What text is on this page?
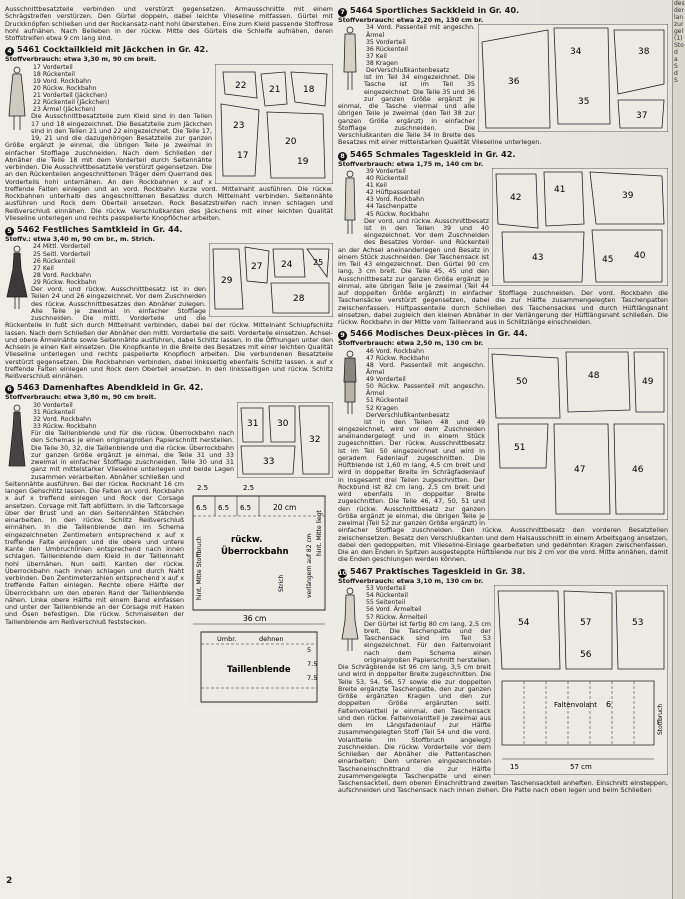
Ausschnittbesatzteile verbinden und verstürzt gegensetzen. Armausschnitte mit einem Schrägstreifen verstürzen. Den Gürtel doppeln, dabei leichte Vlieseline mitfassen. Gürtel mit Druckknöpfen schließen und der Rockansatz-naht hohl überstehen. Eine zum Kleid passende Stoffrose hohl aufnähen. Nach Belieben in der rückw. Mitte des Gürtels die Schleife aufnähen, deren Stoffstreifen etwa 9 cm lang sind.

4 5461 Cocktailkleid mit Jäckchen in Gr. 42.
Stoffverbrauch: etwa 3,30 m, 90 cm breit.
22	21	18
23
17
20
19
17 Vorderteil
18 Rückenteil
19 Vord. Rockbahn
20 Rückw. Rockbahn
21 Vorderteil (Jäckchen)
22 Rückenteil (Jäckchen)
23 Ärmel (Jäckchen)

Die Ausschnittbesatzteile zum Kleid sind in den Teilen 17 und 18 eingezeichnet. Die Besatzteile zum Jäckchen sind in den Teilen 21 und 22 eingezeichnet. Die Teile 17, 19, 21 und die dazugehörigen Besatzteile zur ganzen Größe ergänzt je einmal, die übrigen Teile je zweimal in einfacher Stofflage zuschneiden. Nach dem Schließen der Abnäher die Teile 18 mit dem Vorderteil durch Seitennähte verbinden. Die Ausschnittbesatzteile verstürzt gegensetzen. Die an den Rückenteilen angeschnittenen Träger dem Querrand des Vorderteils hohl unternähen. An den Rockbahnen x auf x treffende Falten einlegen und an vord. Rockbahn kurze vord. Mittelnaht ausführen. Die rückw. Rockbahnen unterhalb des angeschnittenen Besatzes durch Mittelnaht verbinden. Seitennähte ausführen und Rock dem Oberteil ansetzen. Rock Besatzstreifen nach innen schlagen und Reißverschluß einnähen. Die rückw. Verschlußkanten des Jäckchens mit einer leichten Qualität Vlieseline unterlegen und rechts passpelierte Knopflöcher arbeiten.

5 5462 Festliches Samtkleid in Gr. 44.
Stoffv.: etwa 3,40 m, 90 cm br., m. Strich.
29
27 24
28
25
24 Mittl. Vorderteil
25 Seitl. Vorderteil
26 Rückenteil
27 Keil
28 Vord. Rockbahn
29 Rückw. Rockbahn

Der vord. und rückw. Ausschnittbesatz ist in den Teilen 24 und 26 eingezeichnet. Vor dem Zuschneiden des rückw. Ausschnittbesatzes den Abnäher zulegen. Alle Teile je zweimal in einfacher Stofflage zuschneiden. Die mittl. Vorderteile und die Rückenteile in fußt sich durch Mittelnaht verbinden, dabei bei der rückw. Mittelnaht Schlupfschlitz lassen. Nach dem Schließen der Abnäher den mittl. Vorderteile die seitl. Vorderteile einsetzen. Achsel- und obere Ärmelnähte sowie Seitennähte ausführen, dabei Schlitz lassen. In die Öffnungen unter den Achseln je einen Keil einsetzen. Die Knopfkante in die Breite des Besatzes mit einer leichten Qualität Vlieseline unterlegen und rechts paspelierte Knopfloch arbeiten. Die verbundenen Besatzteile verstürzt gegensetzen. Die Rockbahnen verbinden, dabei linksseitig ebenfalls Schlitz lassen. x auf x treffende Falten einlegen und Rock dem Oberteil ansetzen. In den linksseitigen und rückw. Schlitz Reißverschluß einnähen.

6 5463 Damenhaftes Abendkleid in Gr. 42.
Stoffverbrauch: etwa 3,80 m, 90 cm breit.
31 30
32
33
30 Vorderteil
31 Rückenteil
32 Vord. Rockbahn
33 Rückw. Rockbahn
2.5	2.5
6.5 6.5 6.5	20 cm
rückw.
Überrockbahn
Strich	verlängern auf 82 cm
hint. Mitte Stoffbruch
hint. Mitte liegt
36 cm
Umbr.	dehnen
Taillenblende
5
7.5
7.5

Für die Taillenblende und für die rückw. Überrockbahn nach den Schemas je einen originalgroßen Papierschnitt herstellen. Die Teile 30, 32, die Taillenblende und die rückw. Überrockbahn zur ganzen Größe ergänzt je einmal, die Teile 31 und 33 zweimal in einfacher Stofflage zuschneiden. Teile 30 und 31 ganz mit mittelstarker Vlieseline unterlegen und beide Lagen zusammen verarbeiten. Abnäher schließen und Seitennähte ausführen. Bei der rückw. Rocknaht 16 cm langen Gehschlitz lassen. Die Falten an vord. Rockbahn x auf x treffend einlegen und Rock der Corsage ansetzen. Corsage mit Taft abfüttern. In die Taftcorsage über der Brust und an den Seitennähten Stäbchen einarbeiten. In den rückw. Schlitz Reißverschluß einnähen. In die Taillenblende den im Schema eingezeichneten Zentimetern entsprechend x auf x treffende Falte einlegen und die obere und untere Kante den Umbruchlinien entsprechend nach innen schlagen. Taillenblende dem Kleid in der Taillennaht hohl übernähen. Nun seitl. Kanten der rückw. Überrockbahn nach innen schlagen und durch Naht verbinden. Den Zentimeterzahlen entsprechend x auf x treffende Falten einlegen. Rechte obere Hälfte der Überrockbahn um den oberen Rand der Taillenblende nähen. Linke obere Hälfte mit einem Band einfassen und unter der Taillenblende an der Corsage mit Haken und Ösen befestigen. Die rückw. Schmalseiten der Taillenblende am Reißverschluß feststecken.

7 5464 Sportliches Sackkleid in Gr. 40.
Stoffverbrauch: etwa 2,20 m, 130 cm br.
36
34
35
38
37
34 Vord. Passenteil mit angeschn. Ärmel
35 Vorderteil
36 Rückenteil
37 Keil
38 Kragen
DerVerschlußkantenbesatz

ist im Teil 34 eingezeichnet. Die Tasche ist im Teil 35 eingezeichnet. Die Teile 35 und 36 zur ganzen Größe ergänzt je einmal, die Tasche viermal und alle übrigen Teile je zweimal (den Teil 38 zur ganzen Größe ergänzt) in einfacher Stofflage zuschneiden. Die Verschlußkanten die Teile 34 in Breite des Besatzes mit einer mittelstarken Qualität Vlieseline unterlegen.

8 5465 Schmales Tageskleid in Gr. 42.
Stoffverbrauch: etwa 1,75 m, 140 cm br.
42
41
39
43	45 40
39 Vorderteil
40 Rückenteil
41 Keil
42 Hüftpassenteil
43 Vord. Rockbahn
44 Taschenpatte
45 Rückw. Rockbahn

Der vord. und rückw. Ausschnittbesatz ist in den Teilen 39 und 40 eingezeichnet. Vor dem Zuschneiden des Besatzes Vorder- und Rückenteil an der Achsel aneinanderlegen und Besatz in einem Stück zuschneiden. Der Taschensack ist im Teil 43 eingezeichnet. Den Gürtel 90 cm lang, 3 cm breit. Die Teile 45, 45 und den Ausschnittbesatz zur ganzen Größe ergänzt je einmal, alle übrigen Teile je zweimal (Teil 44 auf doppelten Größe ergänzt) in einfacher Stofflage zuschneiden. Der vord. Rockbahn die Taschensäcke verstürzt gegensetzen, dabei die zur Hälfte zusammengelegten Taschenpatten zwischenfassen. Hüftpassenteile durch Schließen des Taschensackes und durch Hüftlängsnaht einsetzen, dabei zugleich den kleinen Abnäher in der Verlängerung der Hüftlängsnaht schließen. Die rückw. Rockbahn in der Mitte vom Taillenrand aus in Schlitzlänge einschneiden.

9 5466 Modisches Deux-pièces in Gr. 44.
Stoffverbrauch: etwa 2,50 m, 130 cm br.
50
48
49
51
47	46
46 Vord. Rockbahn
47 Rückw. Rockbahn
48 Vord. Passenteil mit angeschn. Ärmel
49 Vorderteil
50 Rückw. Passenteil mit angeschn. Ärmel
51 Rückenteil
52 Kragen
DerVerschlußkantenbesatz

ist in den Teilen 48 und 49 eingezeichnet, wird vor dem Zuschneiden aneinandergelegt und in einem Stück zugeschnitten. Der rückw. Ausschnittbesatz ist im Teil 50 eingezeichnet und wird in geradem Fadenlauf zugeschnitten. Die Hüftblende ist 1,60 m lang, 4,5 cm breit und wird in doppelter Breite im Schrägfadenlauf in insgesamt drei Teilen zugeschnitten. Der Rockbund ist 82 cm lang, 2,5 cm breit und wird ebenfalls in doppelter Breite zugeschnitten. Die Teile 46, 47, 50, 51 und den rückw. Ausschnittbesatz zur ganzen Größe ergänzt je einmal, die übrigen Teile je zweimal (Teil 52 zur ganzen Größe ergänzt) in einfacher Stofflage zuschneiden. Den rückw. Ausschnittbesatz den vorderen Besatzteilen zwischensetzen. Besatz den Verschlußkanten und dem Halsausschnitt in einem Arbeitsgang ansetzen, dabei den gedoppelten, mit Vlieseline-Einlage gearbeiteten und gedehnten Kragen zwischenfassen. Die an den Enden in Spitzen ausgesteppte Hüftblende nur bis 2 cm vor die vord. Mitte annähen, damit die Enden geschlungen werden können.

10 5467 Praktisches Tageskleid in Gr. 38.
Stoffverbrauch: etwa 3,10 m, 130 cm br.
54	57	53
56
6
Faltenvolant	Stoffbruch
15	57 cm
53 Vorderteil
54 Rückenteil
55 Seitenteil
56 Vord. Ärmelteil
57 Rückw. Ärmelteil

Der Gürtel ist fertig 80 cm lang, 2,5 cm breit. Die Taschenpatte und der Taschensack sind im Teil 53 eingezeichnet. Für den Faltenvolant nach dem Schema einen originalgroßen Papierschnitt herstellen. Die Schrägblende ist 96 cm lang, 3,5 cm breit und wird in doppelter Breite zugeschnitten. Die Teile 53, 54, 56, 57 sowie die zur doppelten Breite ergänzte Taschenpatte, den zur ganzen Größe ergänzten Kragen und den zur doppelten Größe ergänzten seitl. Faltenvolantteil je einmal, den Taschensack und den rückw. Faltenvolantteil je zweimal aus dem im Längsfadenlauf zur Hälfte zusammengelegten Stoff (Teil 54 und die vord. Volantteile im Stoffbruch angelegt) zuschneiden. Die rückw. Vorderteile vor dem Schließen der Abnäher die Pattentaschen einarbeiten: Dem unteren eingezeichneten Tascheneinschnittrand die zur Hälfte zusammengelegte Taschenpatte und einen Taschensacktell, dem oberen Einschnittrand zweiten Taschensackteil anheften. Einschnitt einsteppen, aufschneiden und Taschensack nach innen ziehen. Die Patte nach oben legen und beim Schließen

2
des
der
lan
zur
gel
(1)
Sto
d
a
S
d
S
